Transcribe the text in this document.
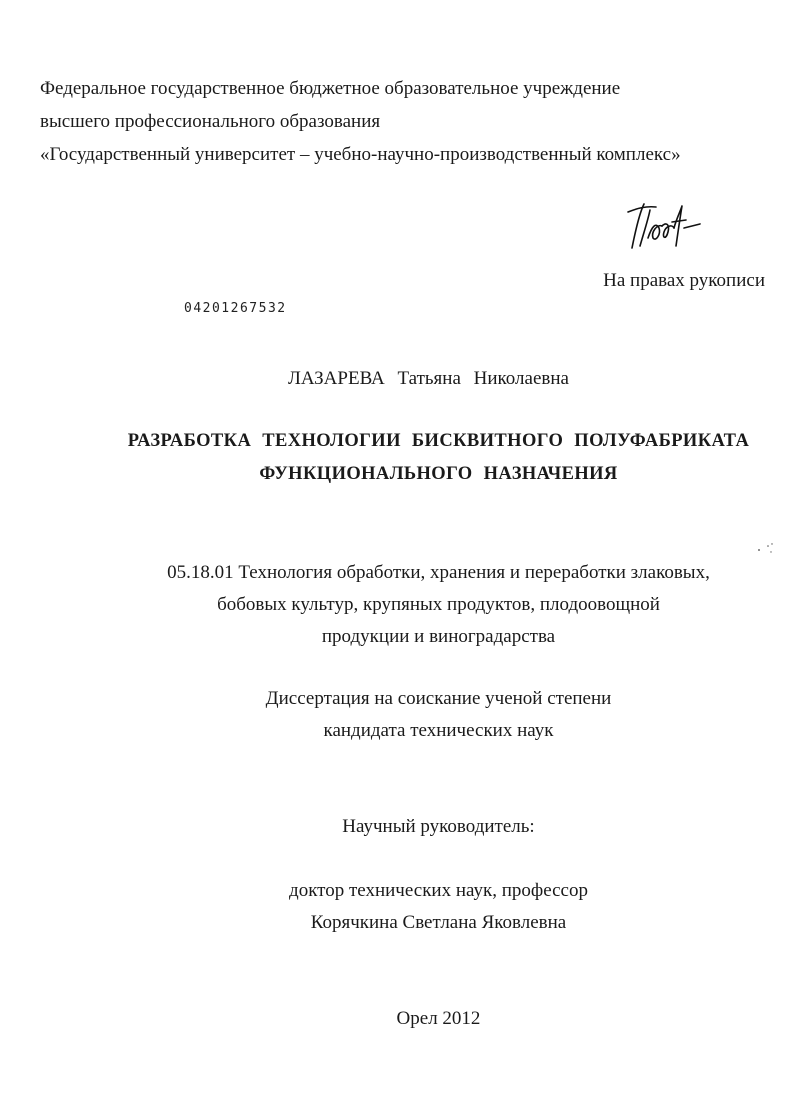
Федеральное государственное бюджетное образовательное учреждение
высшего профессионального образования
«Государственный университет – учебно-научно-производственный комплекс»
На правах рукописи
04201267532
ЛАЗАРЕВА Татьяна Николаевна
РАЗРАБОТКА ТЕХНОЛОГИИ БИСКВИТНОГО ПОЛУФАБРИКАТА
ФУНКЦИОНАЛЬНОГО НАЗНАЧЕНИЯ
05.18.01 Технология обработки, хранения и переработки злаковых,
бобовых культур, крупяных продуктов, плодоовощной
продукции и виноградарства
Диссертация на соискание ученой степени
кандидата технических наук
Научный руководитель:
доктор технических наук, профессор
Корячкина Светлана Яковлевна
Орел 2012
